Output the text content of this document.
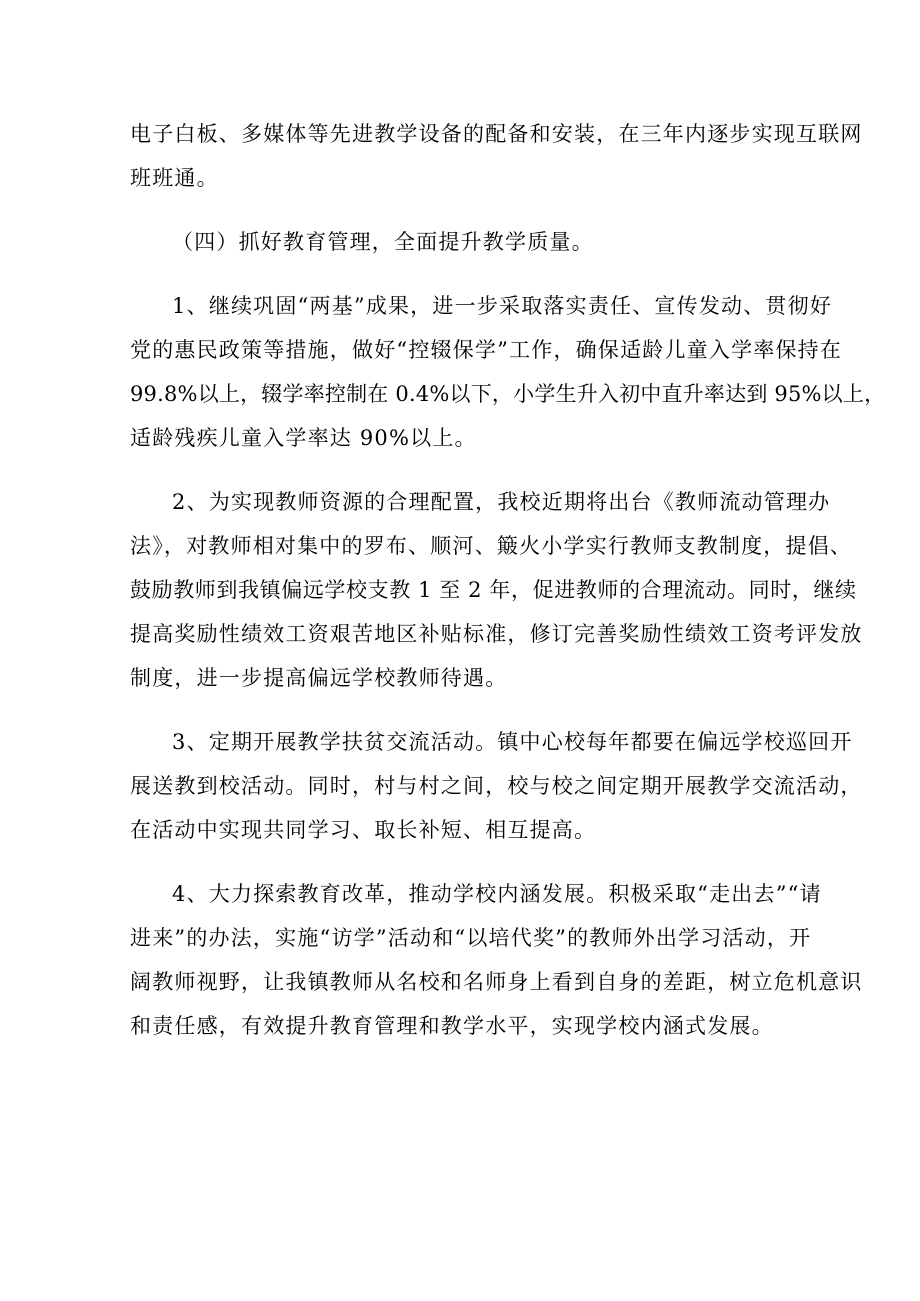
电子白板、多媒体等先进教学设备的配备和安装，在三年内逐步实现互联网
班班通。

（四）抓好教育管理，全面提升教学质量。

1、继续巩固“两基”成果，进一步采取落实责任、宣传发动、贯彻好
党的惠民政策等措施，做好“控辍保学”工作，确保适龄儿童入学率保持在
99.8%以上，辍学率控制在 0.4%以下，小学生升入初中直升率达到 95%以上，
适龄残疾儿童入学率达 90%以上。

2、为实现教师资源的合理配置，我校近期将出台《教师流动管理办
法》，对教师相对集中的罗布、顺河、簸火小学实行教师支教制度，提倡、
鼓励教师到我镇偏远学校支教 1 至 2 年，促进教师的合理流动。同时，继续
提高奖励性绩效工资艰苦地区补贴标准，修订完善奖励性绩效工资考评发放
制度，进一步提高偏远学校教师待遇。

3、定期开展教学扶贫交流活动。镇中心校每年都要在偏远学校巡回开
展送教到校活动。同时，村与村之间，校与校之间定期开展教学交流活动，
在活动中实现共同学习、取长补短、相互提高。

4、大力探索教育改革，推动学校内涵发展。积极采取“走出去”“请
进来”的办法，实施“访学”活动和“以培代奖”的教师外出学习活动，开
阔教师视野，让我镇教师从名校和名师身上看到自身的差距，树立危机意识
和责任感，有效提升教育管理和教学水平，实现学校内涵式发展。
